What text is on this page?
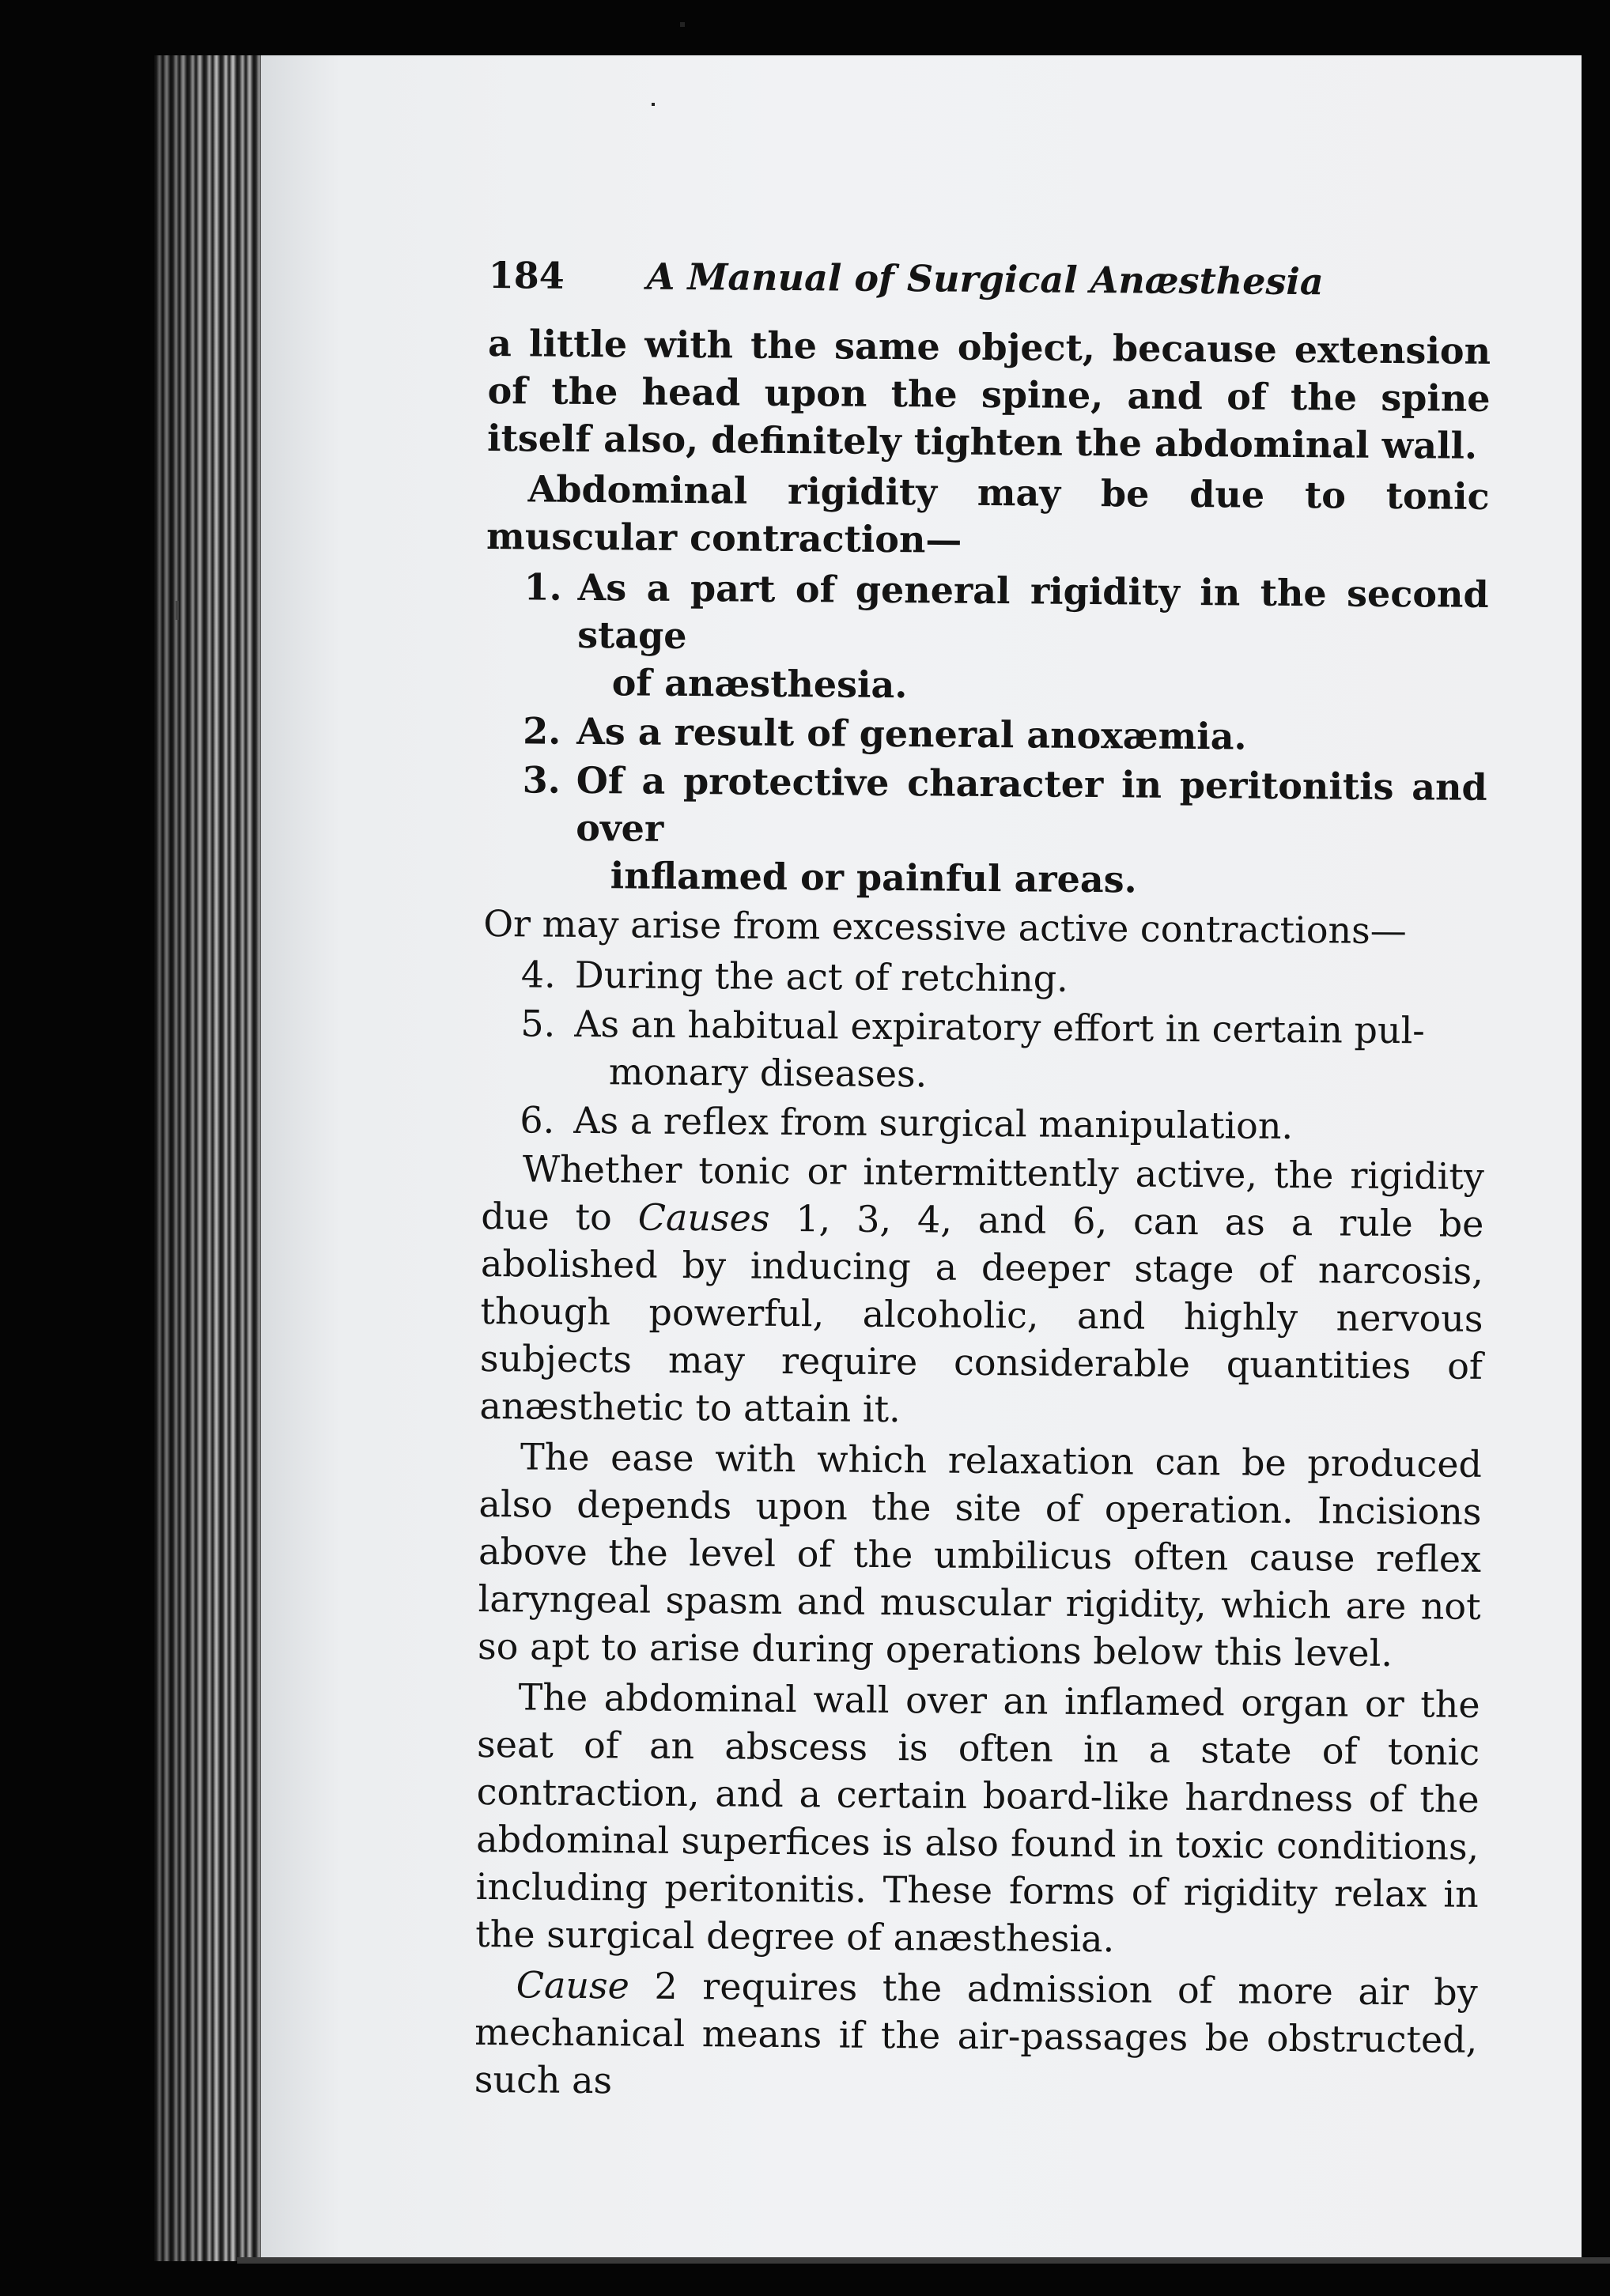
184	A Manual of Surgical Anæsthesia

a little with the same object, because extension of the head upon the spine, and of the spine itself also, definitely tighten the abdominal wall.

Abdominal rigidity may be due to tonic muscular contraction—

1. As a part of general rigidity in the second stage
of anæsthesia.
2. As a result of general anoxæmia.
3. Of a protective character in peritonitis and over
inflamed or painful areas.

Or may arise from excessive active contractions—

4. During the act of retching.
5. As an habitual expiratory effort in certain pul-
monary diseases.
6. As a reflex from surgical manipulation.

Whether tonic or intermittently active, the rigidity due to Causes 1, 3, 4, and 6, can as a rule be abolished by inducing a deeper stage of narcosis, though powerful, alcoholic, and highly nervous subjects may require considerable quantities of anæsthetic to attain it.

The ease with which relaxation can be produced also depends upon the site of operation. Incisions above the level of the umbilicus often cause reflex laryngeal spasm and muscular rigidity, which are not so apt to arise during operations below this level.

The abdominal wall over an inflamed organ or the seat of an abscess is often in a state of tonic contraction, and a certain board-like hardness of the abdominal superfices is also found in toxic conditions, including peritonitis. These forms of rigidity relax in the surgical degree of anæsthesia.

Cause 2 requires the admission of more air by mechanical means if the air-passages be obstructed, such as
